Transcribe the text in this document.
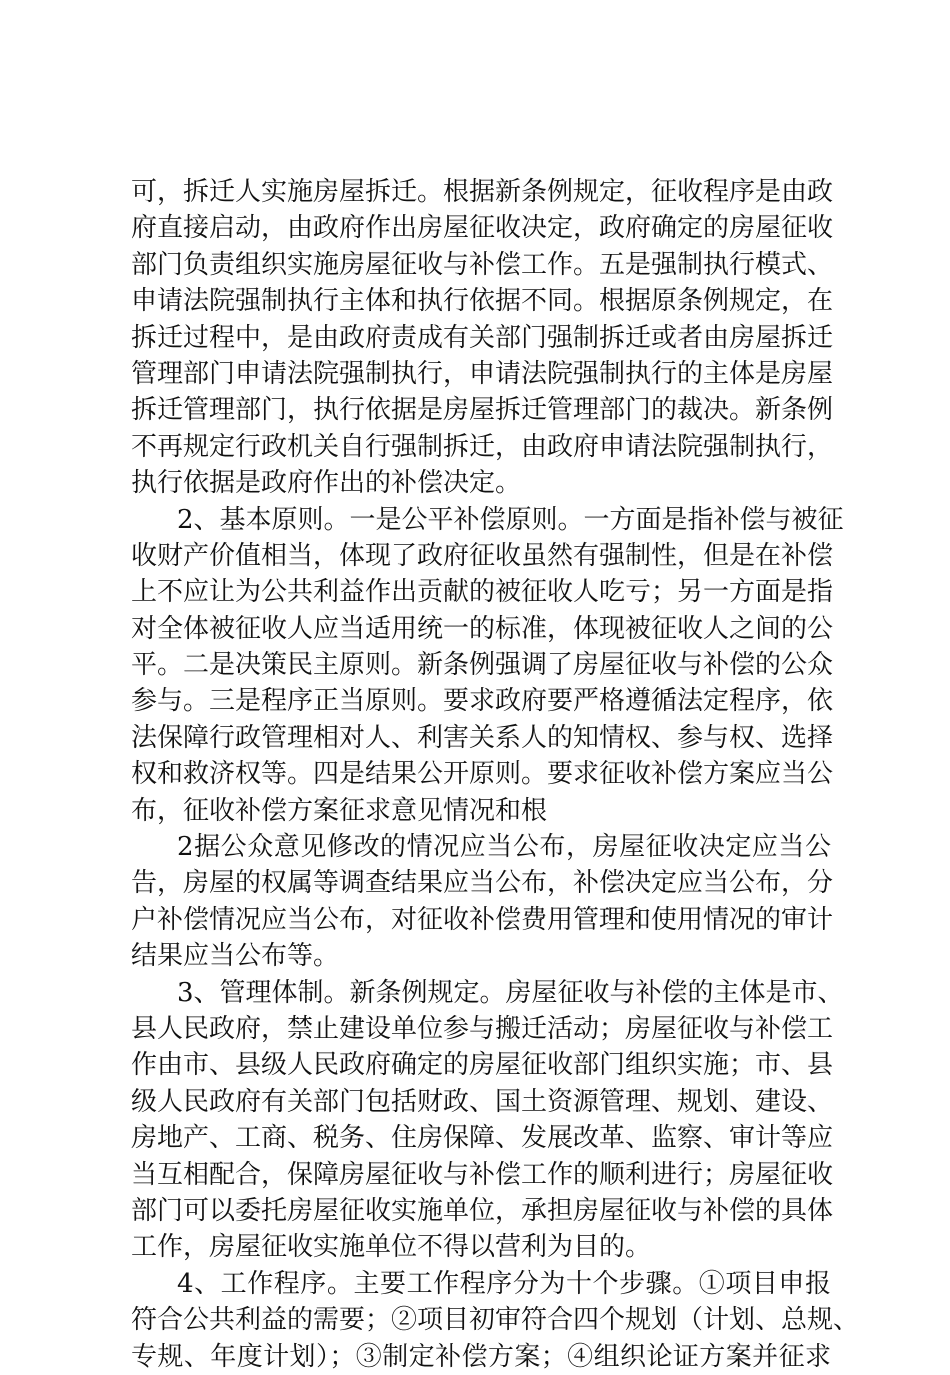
可，拆迁人实施房屋拆迁。根据新条例规定，征收程序是由政
府直接启动，由政府作出房屋征收决定，政府确定的房屋征收
部门负责组织实施房屋征收与补偿工作。五是强制执行模式、
申请法院强制执行主体和执行依据不同。根据原条例规定，在
拆迁过程中，是由政府责成有关部门强制拆迁或者由房屋拆迁
管理部门申请法院强制执行，申请法院强制执行的主体是房屋
拆迁管理部门，执行依据是房屋拆迁管理部门的裁决。新条例
不再规定行政机关自行强制拆迁，由政府申请法院强制执行，
执行依据是政府作出的补偿决定。
2、基本原则。一是公平补偿原则。一方面是指补偿与被征
收财产价值相当，体现了政府征收虽然有强制性，但是在补偿
上不应让为公共利益作出贡献的被征收人吃亏；另一方面是指
对全体被征收人应当适用统一的标准，体现被征收人之间的公
平。二是决策民主原则。新条例强调了房屋征收与补偿的公众
参与。三是程序正当原则。要求政府要严格遵循法定程序，依
法保障行政管理相对人、利害关系人的知情权、参与权、选择
权和救济权等。四是结果公开原则。要求征收补偿方案应当公
布，征收补偿方案征求意见情况和根
2据公众意见修改的情况应当公布，房屋征收决定应当公
告，房屋的权属等调查结果应当公布，补偿决定应当公布，分
户补偿情况应当公布，对征收补偿费用管理和使用情况的审计
结果应当公布等。
3、管理体制。新条例规定。房屋征收与补偿的主体是市、
县人民政府，禁止建设单位参与搬迁活动；房屋征收与补偿工
作由市、县级人民政府确定的房屋征收部门组织实施；市、县
级人民政府有关部门包括财政、国土资源管理、规划、建设、
房地产、工商、税务、住房保障、发展改革、监察、审计等应
当互相配合，保障房屋征收与补偿工作的顺利进行；房屋征收
部门可以委托房屋征收实施单位，承担房屋征收与补偿的具体
工作，房屋征收实施单位不得以营利为目的。
4、工作程序。主要工作程序分为十个步骤。①项目申报
符合公共利益的需要；②项目初审符合四个规划（计划、总规、
专规、年度计划）；③制定补偿方案；④组织论证方案并征求
